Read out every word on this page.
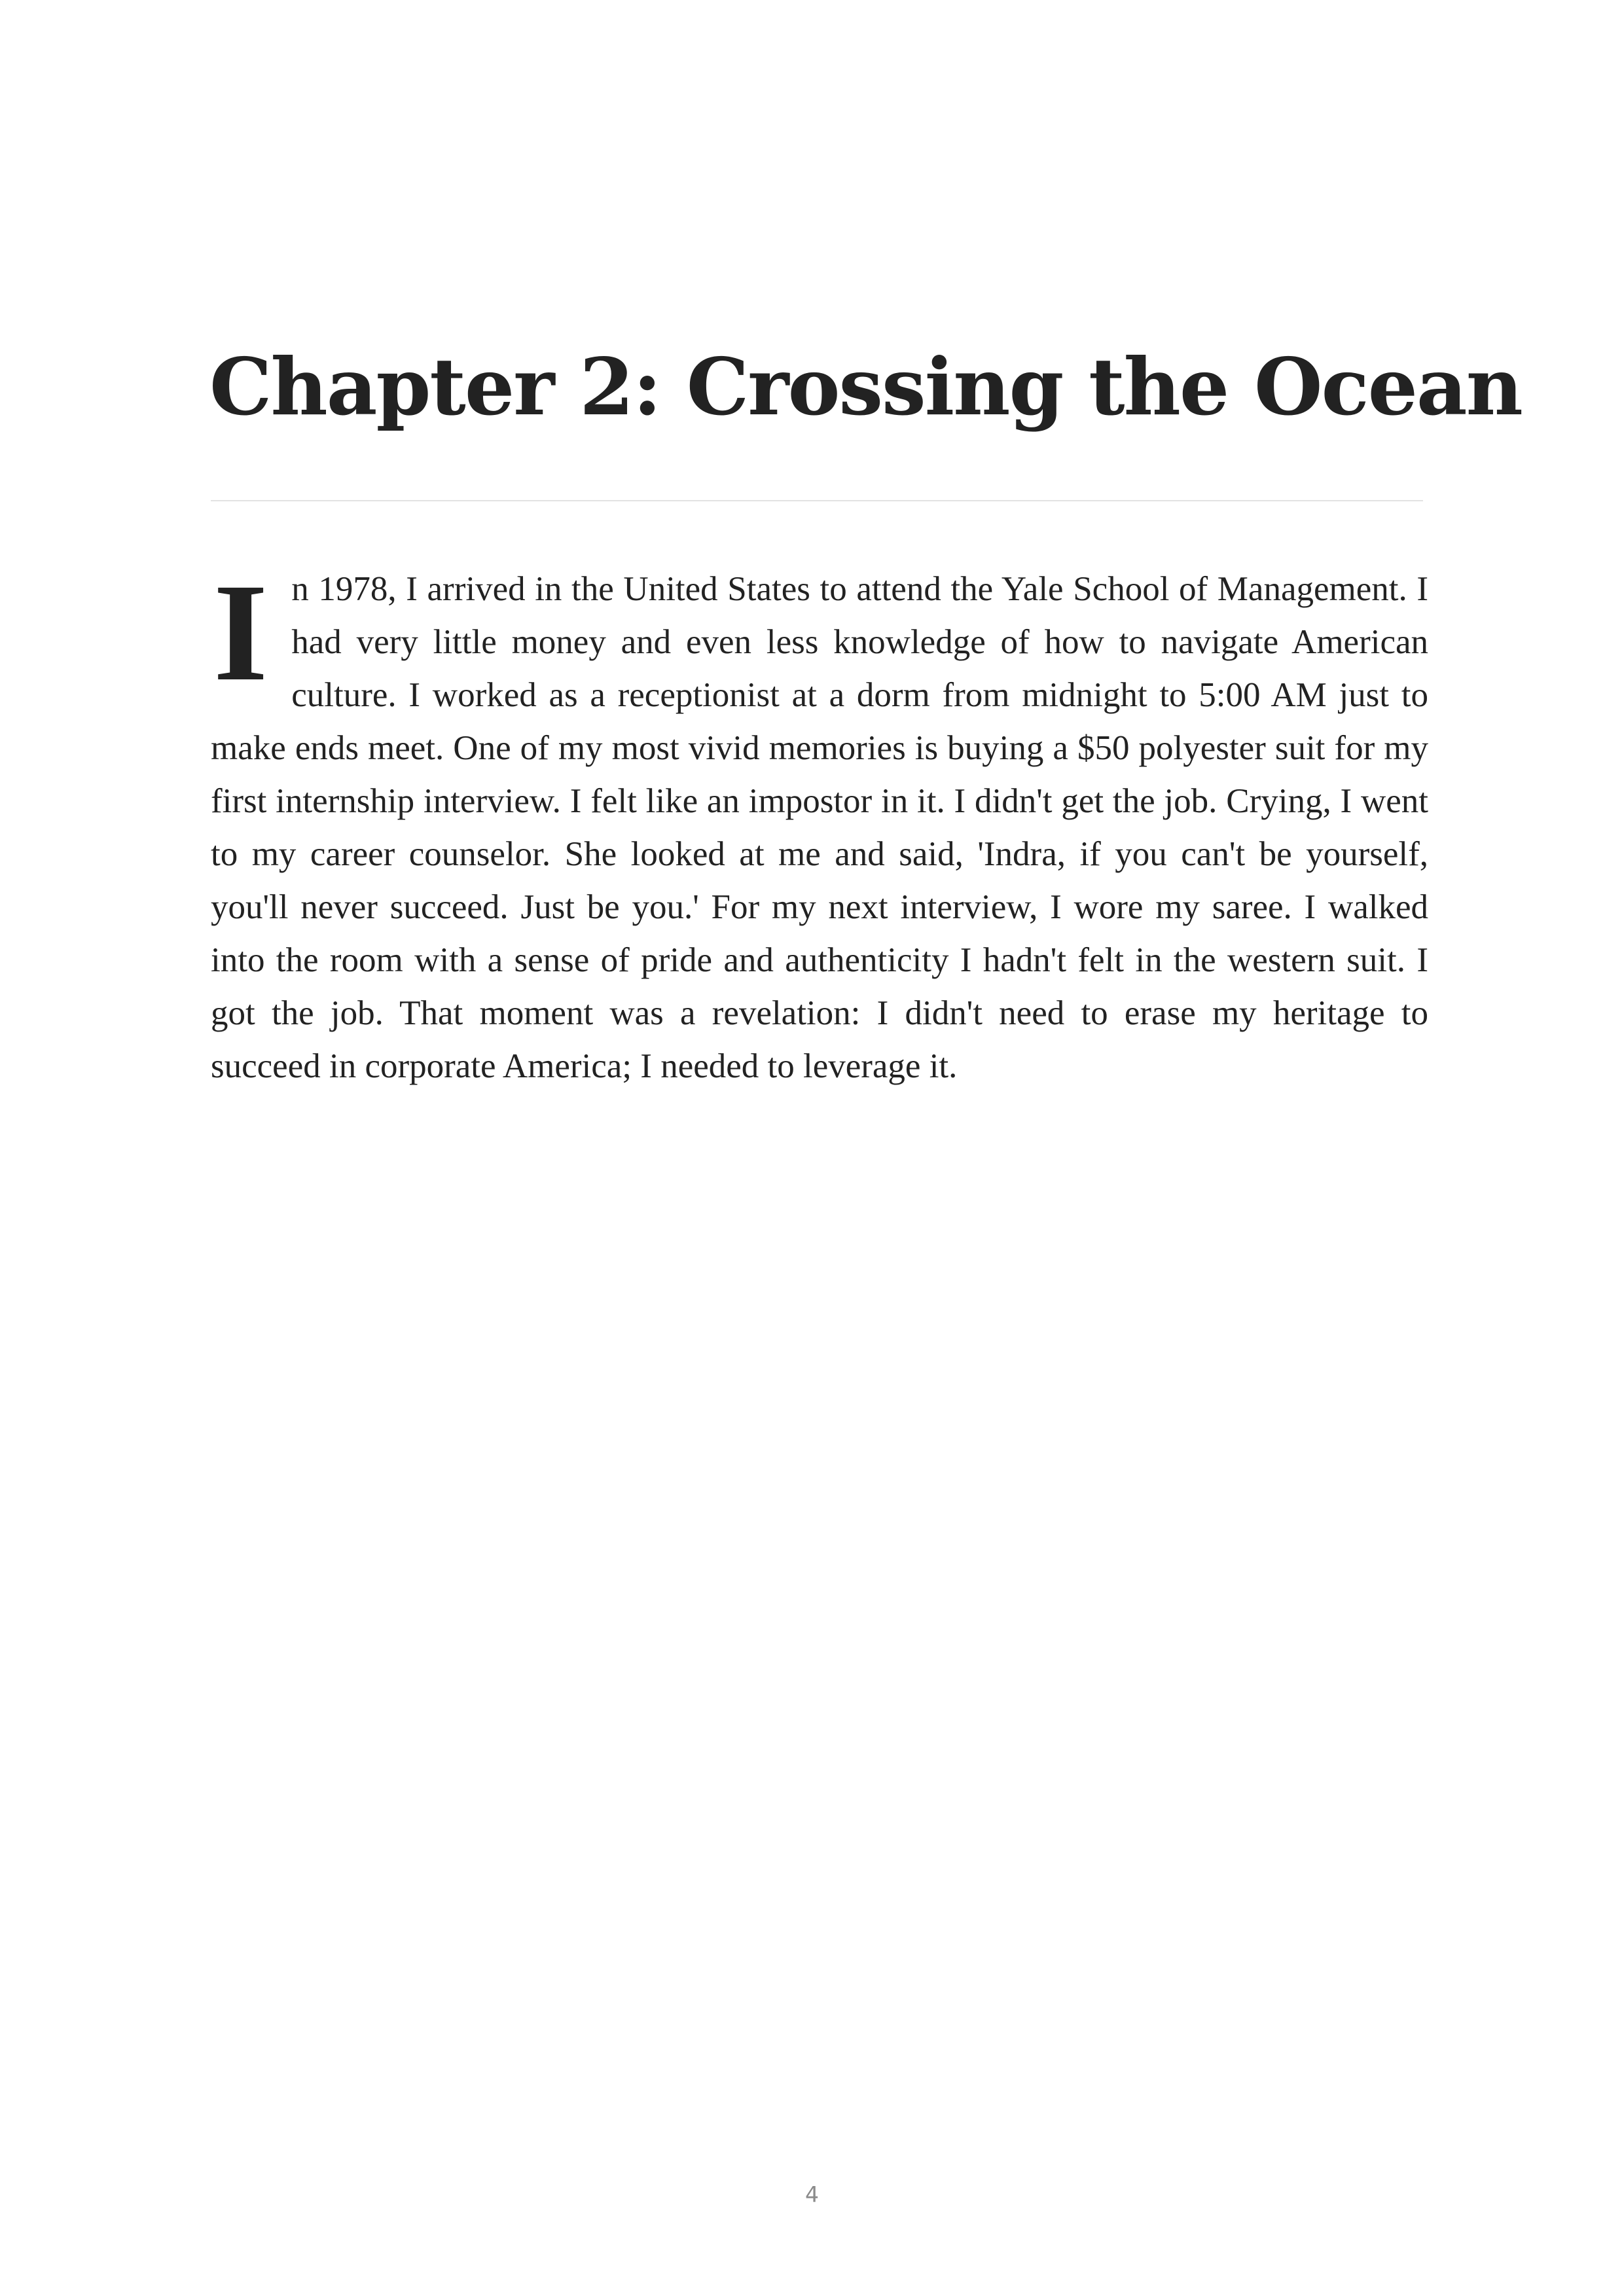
Chapter 2: Crossing the Ocean

In 1978, I arrived in the United States to attend the Yale School of Management. I had very little money and even less knowledge of how to navigate American culture. I worked as a receptionist at a dorm from midnight to 5:00 AM just to make ends meet. One of my most vivid memories is buying a $50 polyester suit for my first internship interview. I felt like an impostor in it. I didn't get the job. Crying, I went to my career counselor. She looked at me and said, 'Indra, if you can't be yourself, you'll never succeed. Just be you.' For my next interview, I wore my saree. I walked into the room with a sense of pride and authenticity I hadn't felt in the western suit. I got the job. That moment was a revelation: I didn't need to erase my heritage to succeed in corporate America; I needed to leverage it.

4
